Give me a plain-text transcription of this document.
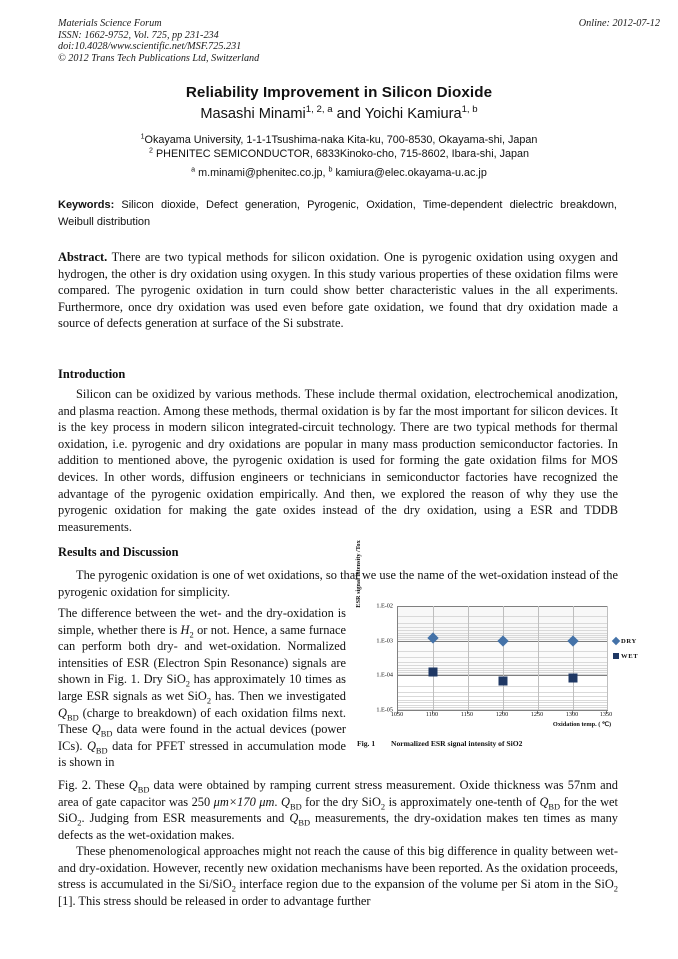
Materials Science Forum
ISSN: 1662-9752, Vol. 725, pp 231-234
doi:10.4028/www.scientific.net/MSF.725.231
© 2012 Trans Tech Publications Ltd, Switzerland
Online: 2012-07-12
Reliability Improvement in Silicon Dioxide
Masashi Minami$^{1, 2, a}$ and Yoichi Kamiura$^{1, b}$
$^1$Okayama University, 1-1-1Tsushima-naka Kita-ku, 700-8530, Okayama-shi, Japan
$^2$ PHENITEC SEMICONDUCTOR, 6833Kinoko-cho, 715-8602, Ibara-shi, Japan
$^a$ m.minami@phenitec.co.jp, $^b$ kamiura@elec.okayama-u.ac.jp
Keywords: Silicon dioxide, Defect generation, Pyrogenic, Oxidation, Time-dependent dielectric breakdown, Weibull distribution
Abstract. There are two typical methods for silicon oxidation. One is pyrogenic oxidation using oxygen and hydrogen, the other is dry oxidation using oxygen. In this study various properties of these oxidation films were compared. The pyrogenic oxidation in turn could show better characteristic values in the all experiments. Furthermore, once dry oxidation was used even before gate oxidation, we found that dry oxidation made a source of defects generation at surface of the Si substrate.
Introduction
Silicon can be oxidized by various methods. These include thermal oxidation, electrochemical anodization, and plasma reaction. Among these methods, thermal oxidation is by far the most important for silicon devices. It is the key process in modern silicon integrated-circuit technology. There are two typical methods for thermal oxidation, i.e. pyrogenic and dry oxidations are popular in many mass production semiconductor factories. In addition to mentioned above, the pyrogenic oxidation is used for forming the gate oxidation films for MOS devices. In other words, diffusion engineers or technicians in semiconductor factories have recognized the advantage of the pyrogenic oxidation empirically. And then, we explored the reason of why they use the pyrogenic oxidation for making the gate oxides instead of the dry oxidation, using a ESR and TDDB measurements.
Results and Discussion
The pyrogenic oxidation is one of wet oxidations, so that we use the name of the wet-oxidation instead of the pyrogenic oxidation for simplicity.
The difference between the wet- and the dry-oxidation is simple, whether there is $H_2$ or not. Hence, a same furnace can perform both dry- and wet-oxidation. Normalized intensities of ESR (Electron Spin Resonance) signals are shown in Fig. 1. Dry SiO$_2$ has approximately 10 times as large ESR signals as wet SiO$_2$ has. Then we investigated $Q_{BD}$ (charge to breakdown) of each oxidation films next. These $Q_{BD}$ data were found in the actual devices (power ICs). $Q_{BD}$ data for PFET stressed in accumulation mode is shown in
ESR signal intensity /Tox 1.E-02
1.E-03
1.E-04
1.E-05
1050	1100	1150	1200	1250	1300	1350
Oxidation temp. ( ℃)
DRY
WET
Fig. 1 Normalized ESR signal intensity of SiO2
Fig. 2. These $Q_{BD}$ data were obtained by ramping current stress measurement. Oxide thickness was 57nm and area of gate capacitor was 250 μm×170 μm. $Q_{BD}$ for the dry SiO$_2$ is approximately one-tenth of $Q_{BD}$ for the wet SiO$_2$. Judging from ESR measurements and $Q_{BD}$ measurements, the dry-oxidation makes ten times as many defects as the wet-oxidation makes.
These phenomenological approaches might not reach the cause of this big difference in quality between wet- and dry-oxidation. However, recently new oxidation mechanisms have been reported. As the oxidation proceeds, stress is accumulated in the Si/SiO$_2$ interface region due to the expansion of the volume per Si atom in the SiO$_2$ [1]. This stress should be released in order to advantage further
